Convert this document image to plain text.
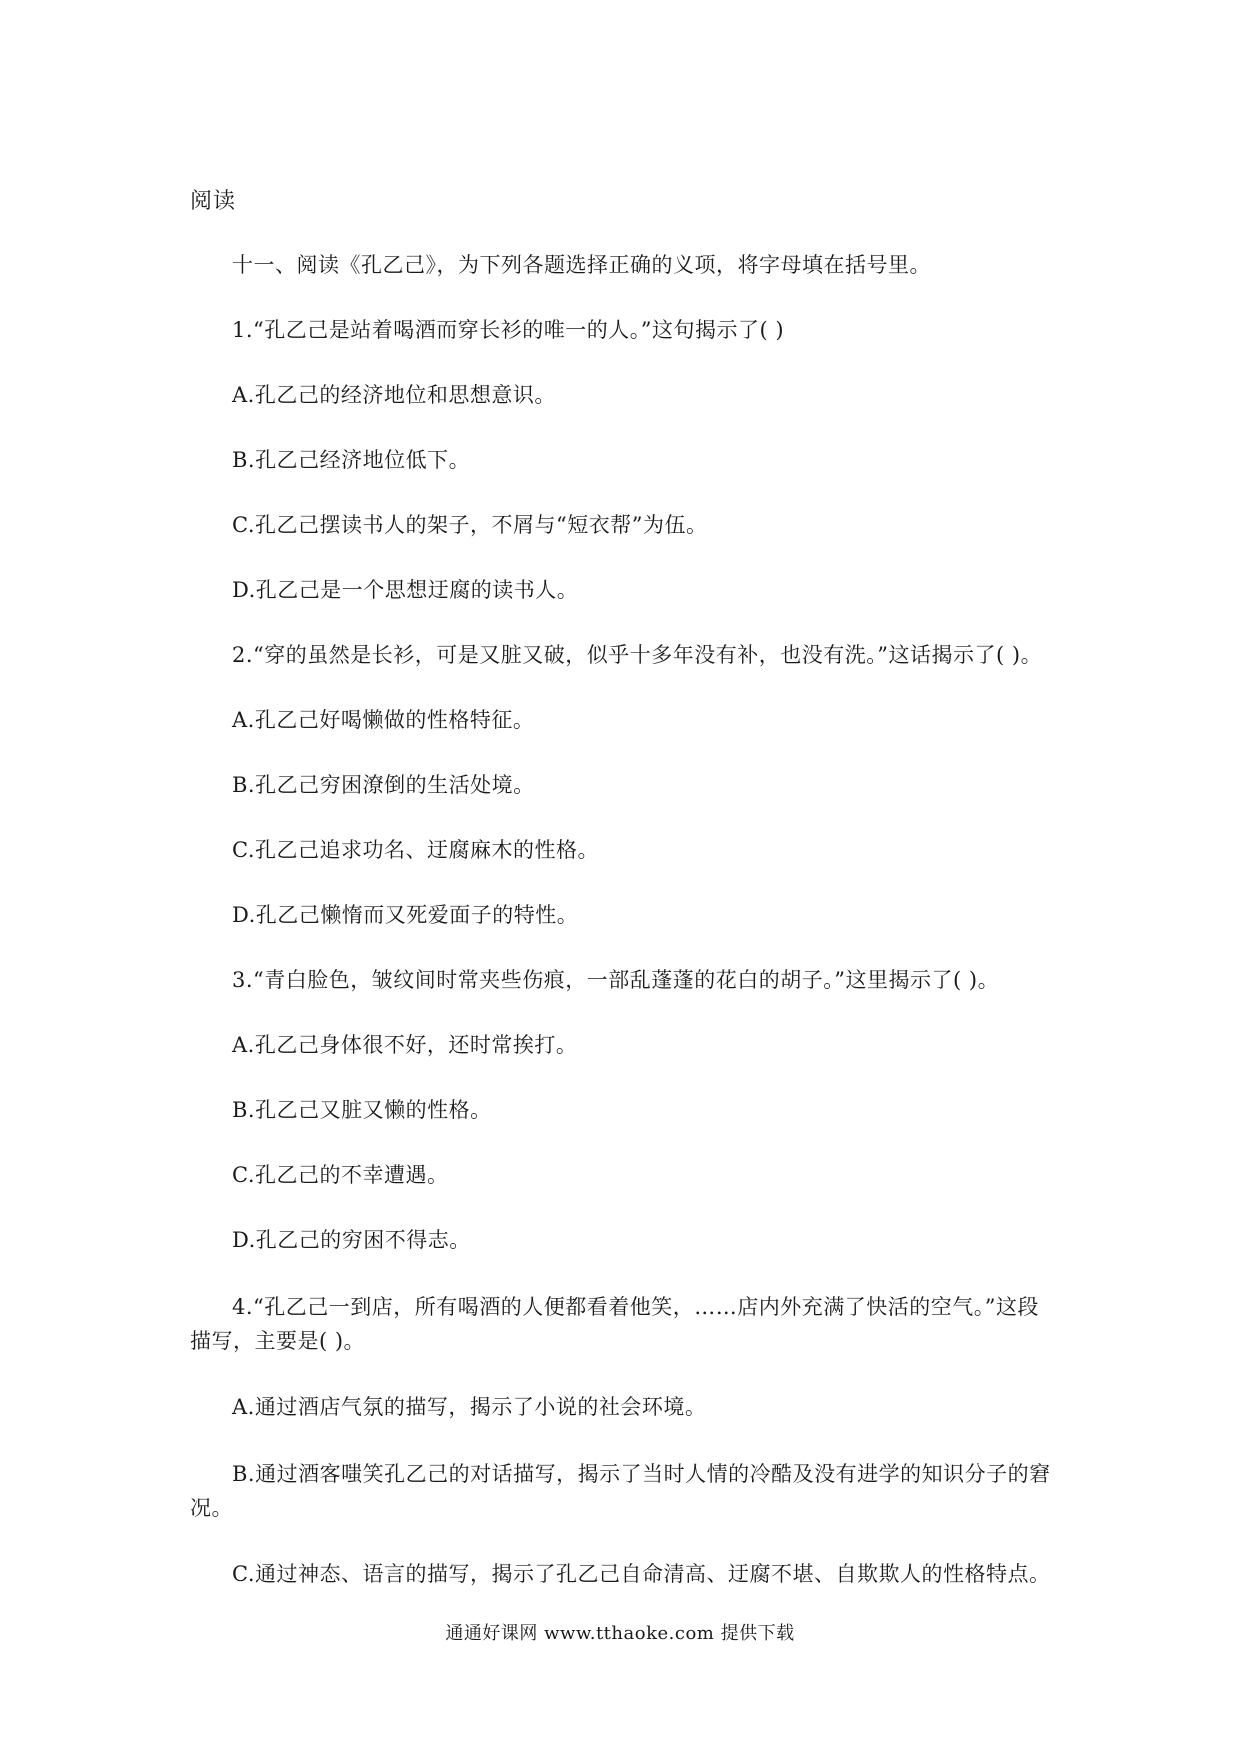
阅读

十一、阅读《孔乙己》，为下列各题选择正确的义项，将字母填在括号里。

1.“孔乙己是站着喝酒而穿长衫的唯一的人。”这句揭示了( )

A.孔乙己的经济地位和思想意识。

B.孔乙己经济地位低下。

C.孔乙己摆读书人的架子，不屑与“短衣帮”为伍。

D.孔乙己是一个思想迂腐的读书人。

2.“穿的虽然是长衫，可是又脏又破，似乎十多年没有补，也没有洗。”这话揭示了( )。

A.孔乙己好喝懒做的性格特征。

B.孔乙己穷困潦倒的生活处境。

C.孔乙己追求功名、迂腐麻木的性格。

D.孔乙己懒惰而又死爱面子的特性。

3.“青白脸色，皱纹间时常夹些伤痕，一部乱蓬蓬的花白的胡子。”这里揭示了( )。

A.孔乙己身体很不好，还时常挨打。

B.孔乙己又脏又懒的性格。

C.孔乙己的不幸遭遇。

D.孔乙己的穷困不得志。

4.“孔乙己一到店，所有喝酒的人便都看着他笑，……店内外充满了快活的空气。”这段描写，主要是( )。

A.通过酒店气氛的描写，揭示了小说的社会环境。

B.通过酒客嗤笑孔乙己的对话描写，揭示了当时人情的冷酷及没有进学的知识分子的窘况。

C.通过神态、语言的描写，揭示了孔乙己自命清高、迂腐不堪、自欺欺人的性格特点。

通通好课网 www.tthaoke.com 提供下载
